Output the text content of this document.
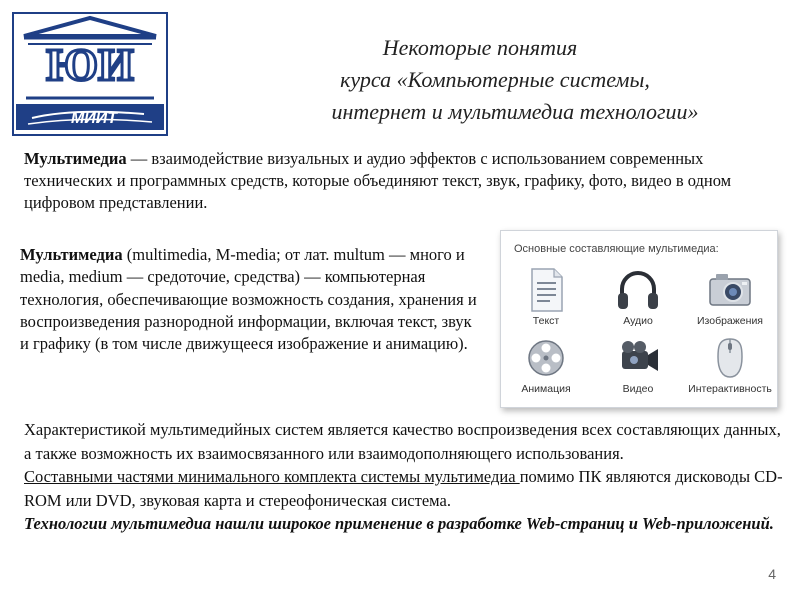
ЮИ
МИИТ
Некоторые понятия
курса «Компьютерные системы,
интернет и мультимедиа технологии»
Мультимедиа — взаимодействие визуальных и аудио эффектов с использованием современных технических и программных средств, которые объединяют текст, звук, графику, фото, видео в одном цифровом представлении.
Мультимедиа (multimedia, M-media; от лат. multum — много и media, medium — средоточие, средства) — компьютерная технология, обеспечивающие возможность создания, хранения и воспроизведения разнородной информации, включая текст, звук и графику (в том числе движущееся изображение и анимацию).
Основные составляющие мультимедиа:
Текст	Аудио	Изображения
Анимация	Видео	Интерактивность
Характеристикой мультимедийных систем является качество воспроизведения всех составляющих данных, а также возможность их взаимосвязанного или взаимодополняющего использования.
Составными частями минимального комплекта системы мультимедиа помимо ПК являются дисководы CD-ROM или DVD, звуковая карта и стереофоническая система.
Технологии мультимедиа нашли широкое применение в разработке Web-страниц и Web-приложений.
4
